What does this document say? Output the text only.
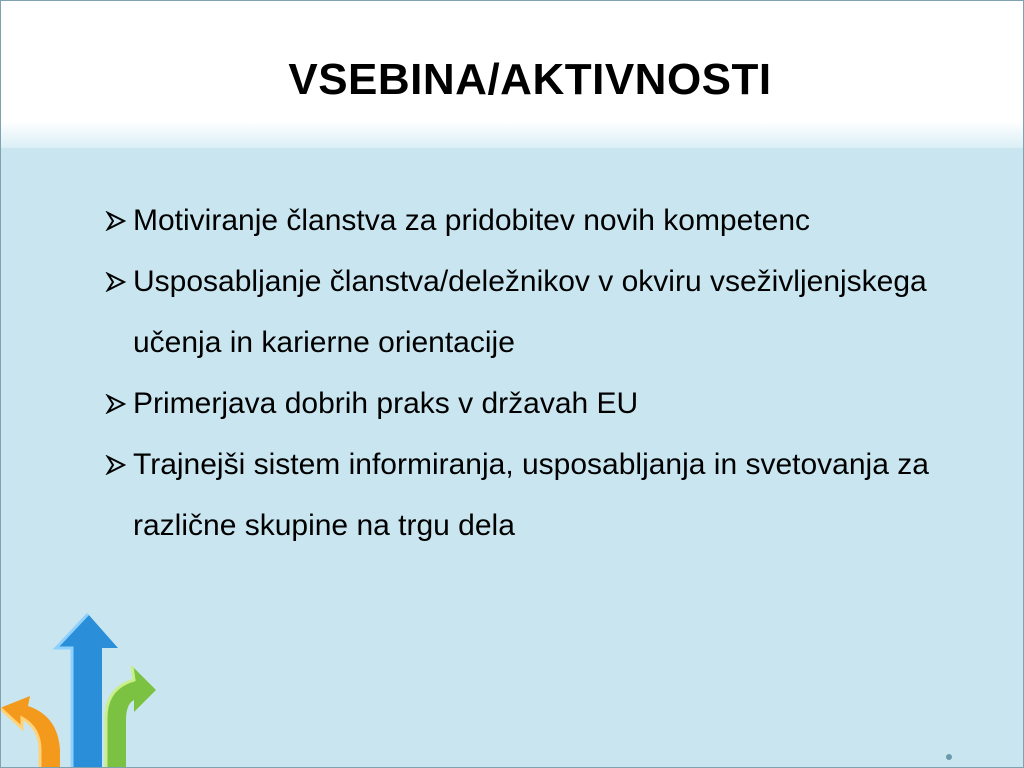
VSEBINA/AKTIVNOSTI
Motiviranje članstva za pridobitev novih kompetenc
Usposabljanje članstva/deležnikov v okviru vseživljenjskega učenja in karierne orientacije
Primerjava dobrih praks v državah EU
Trajnejši sistem informiranja, usposabljanja in svetovanja za različne skupine na trgu dela
